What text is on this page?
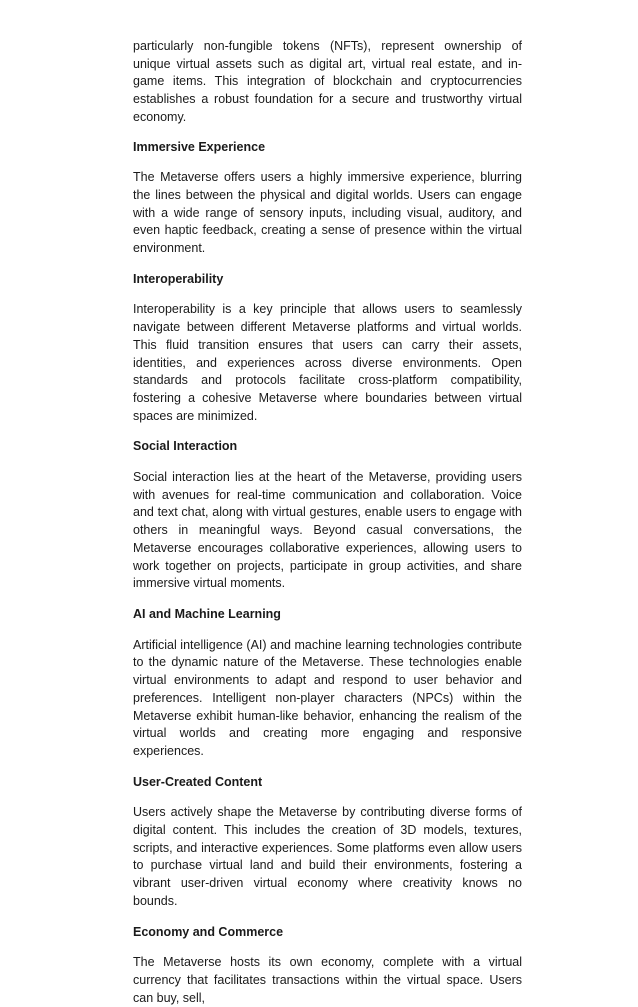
particularly non-fungible tokens (NFTs), represent ownership of unique virtual assets such as digital art, virtual real estate, and in-game items. This integration of blockchain and cryptocurrencies establishes a robust foundation for a secure and trustworthy virtual economy.

Immersive Experience

The Metaverse offers users a highly immersive experience, blurring the lines between the physical and digital worlds. Users can engage with a wide range of sensory inputs, including visual, auditory, and even haptic feedback, creating a sense of presence within the virtual environment.

Interoperability

Interoperability is a key principle that allows users to seamlessly navigate between different Metaverse platforms and virtual worlds. This fluid transition ensures that users can carry their assets, identities, and experiences across diverse environments. Open standards and protocols facilitate cross-platform compatibility, fostering a cohesive Metaverse where boundaries between virtual spaces are minimized.

Social Interaction

Social interaction lies at the heart of the Metaverse, providing users with avenues for real-time communication and collaboration. Voice and text chat, along with virtual gestures, enable users to engage with others in meaningful ways. Beyond casual conversations, the Metaverse encourages collaborative experiences, allowing users to work together on projects, participate in group activities, and share immersive virtual moments.

AI and Machine Learning

Artificial intelligence (AI) and machine learning technologies contribute to the dynamic nature of the Metaverse. These technologies enable virtual environments to adapt and respond to user behavior and preferences. Intelligent non-player characters (NPCs) within the Metaverse exhibit human-like behavior, enhancing the realism of the virtual worlds and creating more engaging and responsive experiences.

User-Created Content

Users actively shape the Metaverse by contributing diverse forms of digital content. This includes the creation of 3D models, textures, scripts, and interactive experiences. Some platforms even allow users to purchase virtual land and build their environments, fostering a vibrant user-driven virtual economy where creativity knows no bounds.

Economy and Commerce

The Metaverse hosts its own economy, complete with a virtual currency that facilitates transactions within the virtual space. Users can buy, sell,
